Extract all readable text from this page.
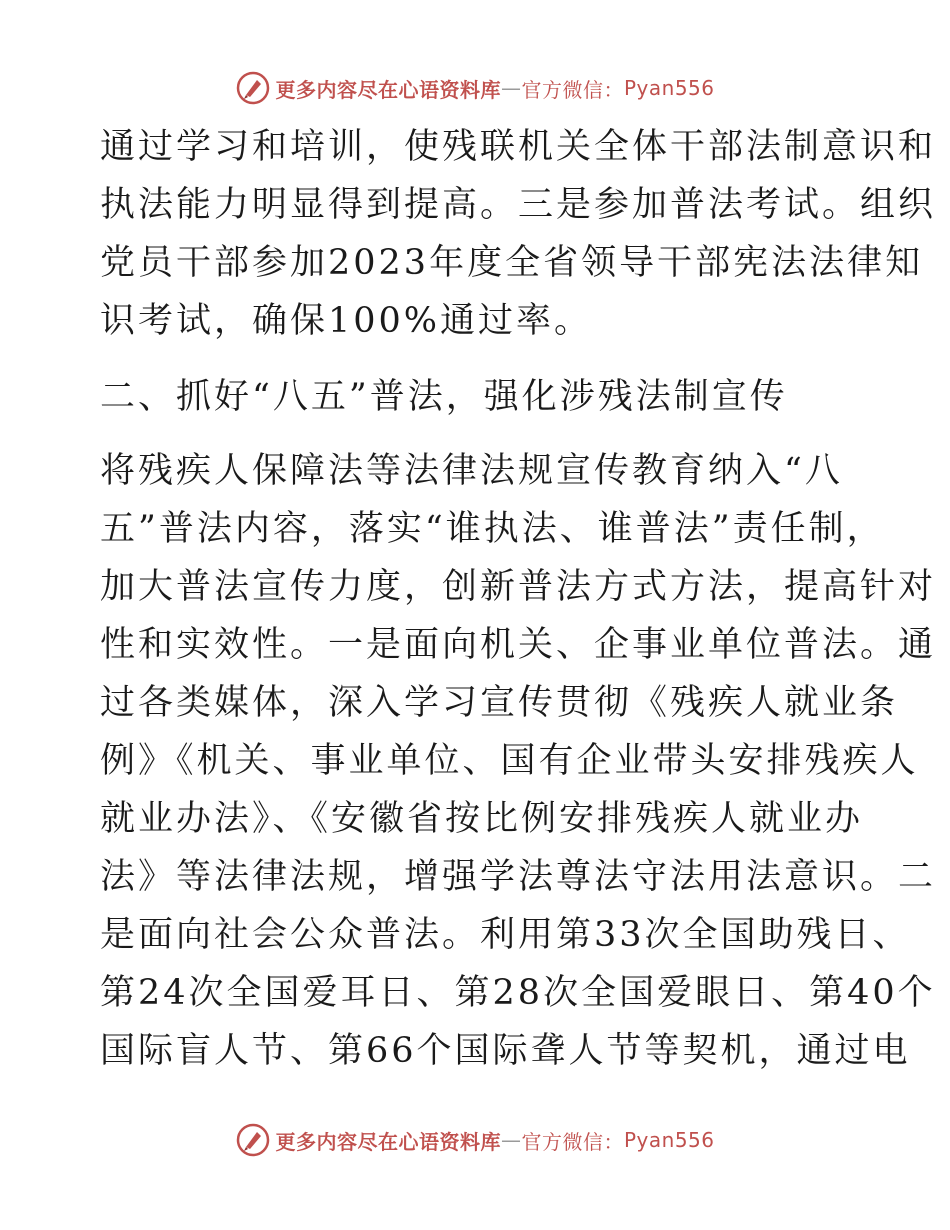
更多内容尽在心语资料库 — 官方微信： Pyan556
通过学习和培训，使残联机关全体干部法制意识和
执法能力明显得到提高。三是参加普法考试。组织
党员干部参加2023年度全省领导干部宪法法律知
识考试，确保100%通过率。
二、抓好“八五”普法，强化涉残法制宣传
将残疾人保障法等法律法规宣传教育纳入“八
五”普法内容，落实“谁执法、谁普法”责任制，
加大普法宣传力度，创新普法方式方法，提高针对
性和实效性。一是面向机关、企事业单位普法。通
过各类媒体，深入学习宣传贯彻《残疾人就业条
例》《机关、事业单位、国有企业带头安排残疾人
就业办法》、《安徽省按比例安排残疾人就业办
法》等法律法规，增强学法尊法守法用法意识。二
是面向社会公众普法。利用第33次全国助残日、
第24次全国爱耳日、第28次全国爱眼日、第40个
国际盲人节、第66个国际聋人节等契机，通过电
更多内容尽在心语资料库 — 官方微信： Pyan556
